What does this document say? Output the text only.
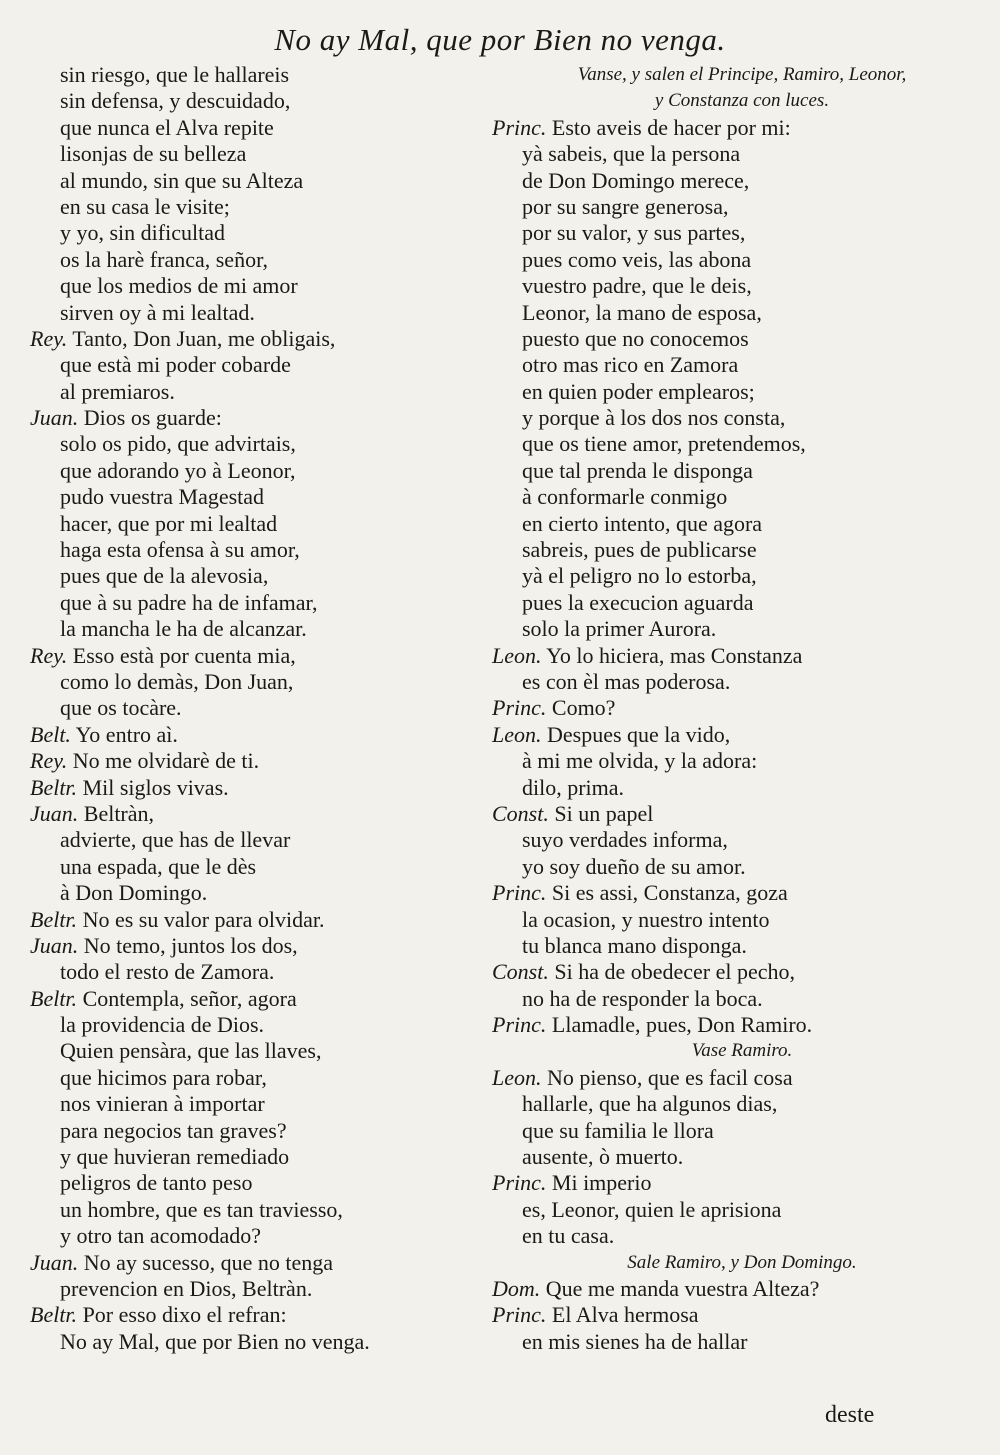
No ay Mal, que por Bien no venga.
sin riesgo, que le hallareis
sin defensa, y descuidado,
que nunca el Alva repite
lisonjas de su belleza
al mundo, sin que su Alteza
en su casa le visite;
y yo, sin dificultad
os la harè franca, señor,
que los medios de mi amor
sirven oy à mi lealtad.
Rey. Tanto, Don Juan, me obligais,
que està mi poder cobarde
al premiaros.
Juan. Dios os guarde:
solo os pido, que advirtais,
que adorando yo à Leonor,
pudo vuestra Magestad
hacer, que por mi lealtad
haga esta ofensa à su amor,
pues que de la alevosia,
que à su padre ha de infamar,
la mancha le ha de alcanzar.
Rey. Esso està por cuenta mia,
como lo demàs, Don Juan,
que os tocàre.
Belt. Yo entro aì.
Rey. No me olvidarè de ti.
Beltr. Mil siglos vivas.
Juan. Beltràn,
advierte, que has de llevar
una espada, que le dès
à Don Domingo.
Beltr. No es su valor para olvidar.
Juan. No temo, juntos los dos,
todo el resto de Zamora.
Beltr. Contempla, señor, agora
la providencia de Dios.
Quien pensàra, que las llaves,
que hicimos para robar,
nos vinieran à importar
para negocios tan graves?
y que huvieran remediado
peligros de tanto peso
un hombre, que es tan traviesso,
y otro tan acomodado?
Juan. No ay sucesso, que no tenga
prevencion en Dios, Beltràn.
Beltr. Por esso dixo el refran:
No ay Mal, que por Bien no venga.
Vanse, y salen el Principe, Ramiro, Leonor,
y Constanza con luces.
Princ. Esto aveis de hacer por mi:
yà sabeis, que la persona
de Don Domingo merece,
por su sangre generosa,
por su valor, y sus partes,
pues como veis, las abona
vuestro padre, que le deis,
Leonor, la mano de esposa,
puesto que no conocemos
otro mas rico en Zamora
en quien poder emplearos;
y porque à los dos nos consta,
que os tiene amor, pretendemos,
que tal prenda le disponga
à conformarle conmigo
en cierto intento, que agora
sabreis, pues de publicarse
yà el peligro no lo estorba,
pues la execucion aguarda
solo la primer Aurora.
Leon. Yo lo hiciera, mas Constanza
es con èl mas poderosa.
Princ. Como?
Leon. Despues que la vido,
à mi me olvida, y la adora:
dilo, prima.
Const. Si un papel
suyo verdades informa,
yo soy dueño de su amor.
Princ. Si es assi, Constanza, goza
la ocasion, y nuestro intento
tu blanca mano disponga.
Const. Si ha de obedecer el pecho,
no ha de responder la boca.
Princ. Llamadle, pues, Don Ramiro.
Vase Ramiro.
Leon. No pienso, que es facil cosa
hallarle, que ha algunos dias,
que su familia le llora
ausente, ò muerto.
Princ. Mi imperio
es, Leonor, quien le aprisiona
en tu casa.
Sale Ramiro, y Don Domingo.
Dom. Que me manda vuestra Alteza?
Princ. El Alva hermosa
en mis sienes ha de hallar
deste
